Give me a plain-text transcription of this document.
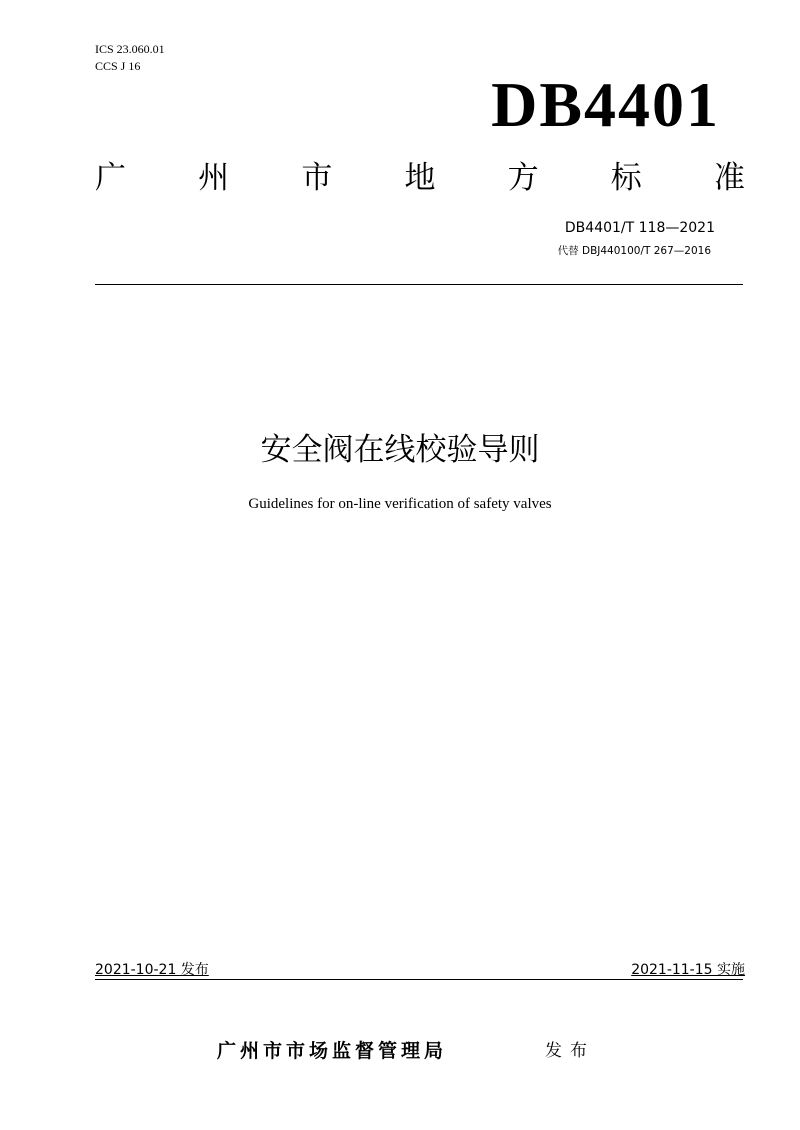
ICS 23.060.01
CCS J 16
DB4401
广 州 市 地 方 标 准
DB4401/T 118—2021
代替 DBJ440100/T 267—2016
安全阀在线校验导则
Guidelines for on-line verification of safety valves
2021-10-21 发布	2021-11-15 实施
广州市市场监督管理局	发布
